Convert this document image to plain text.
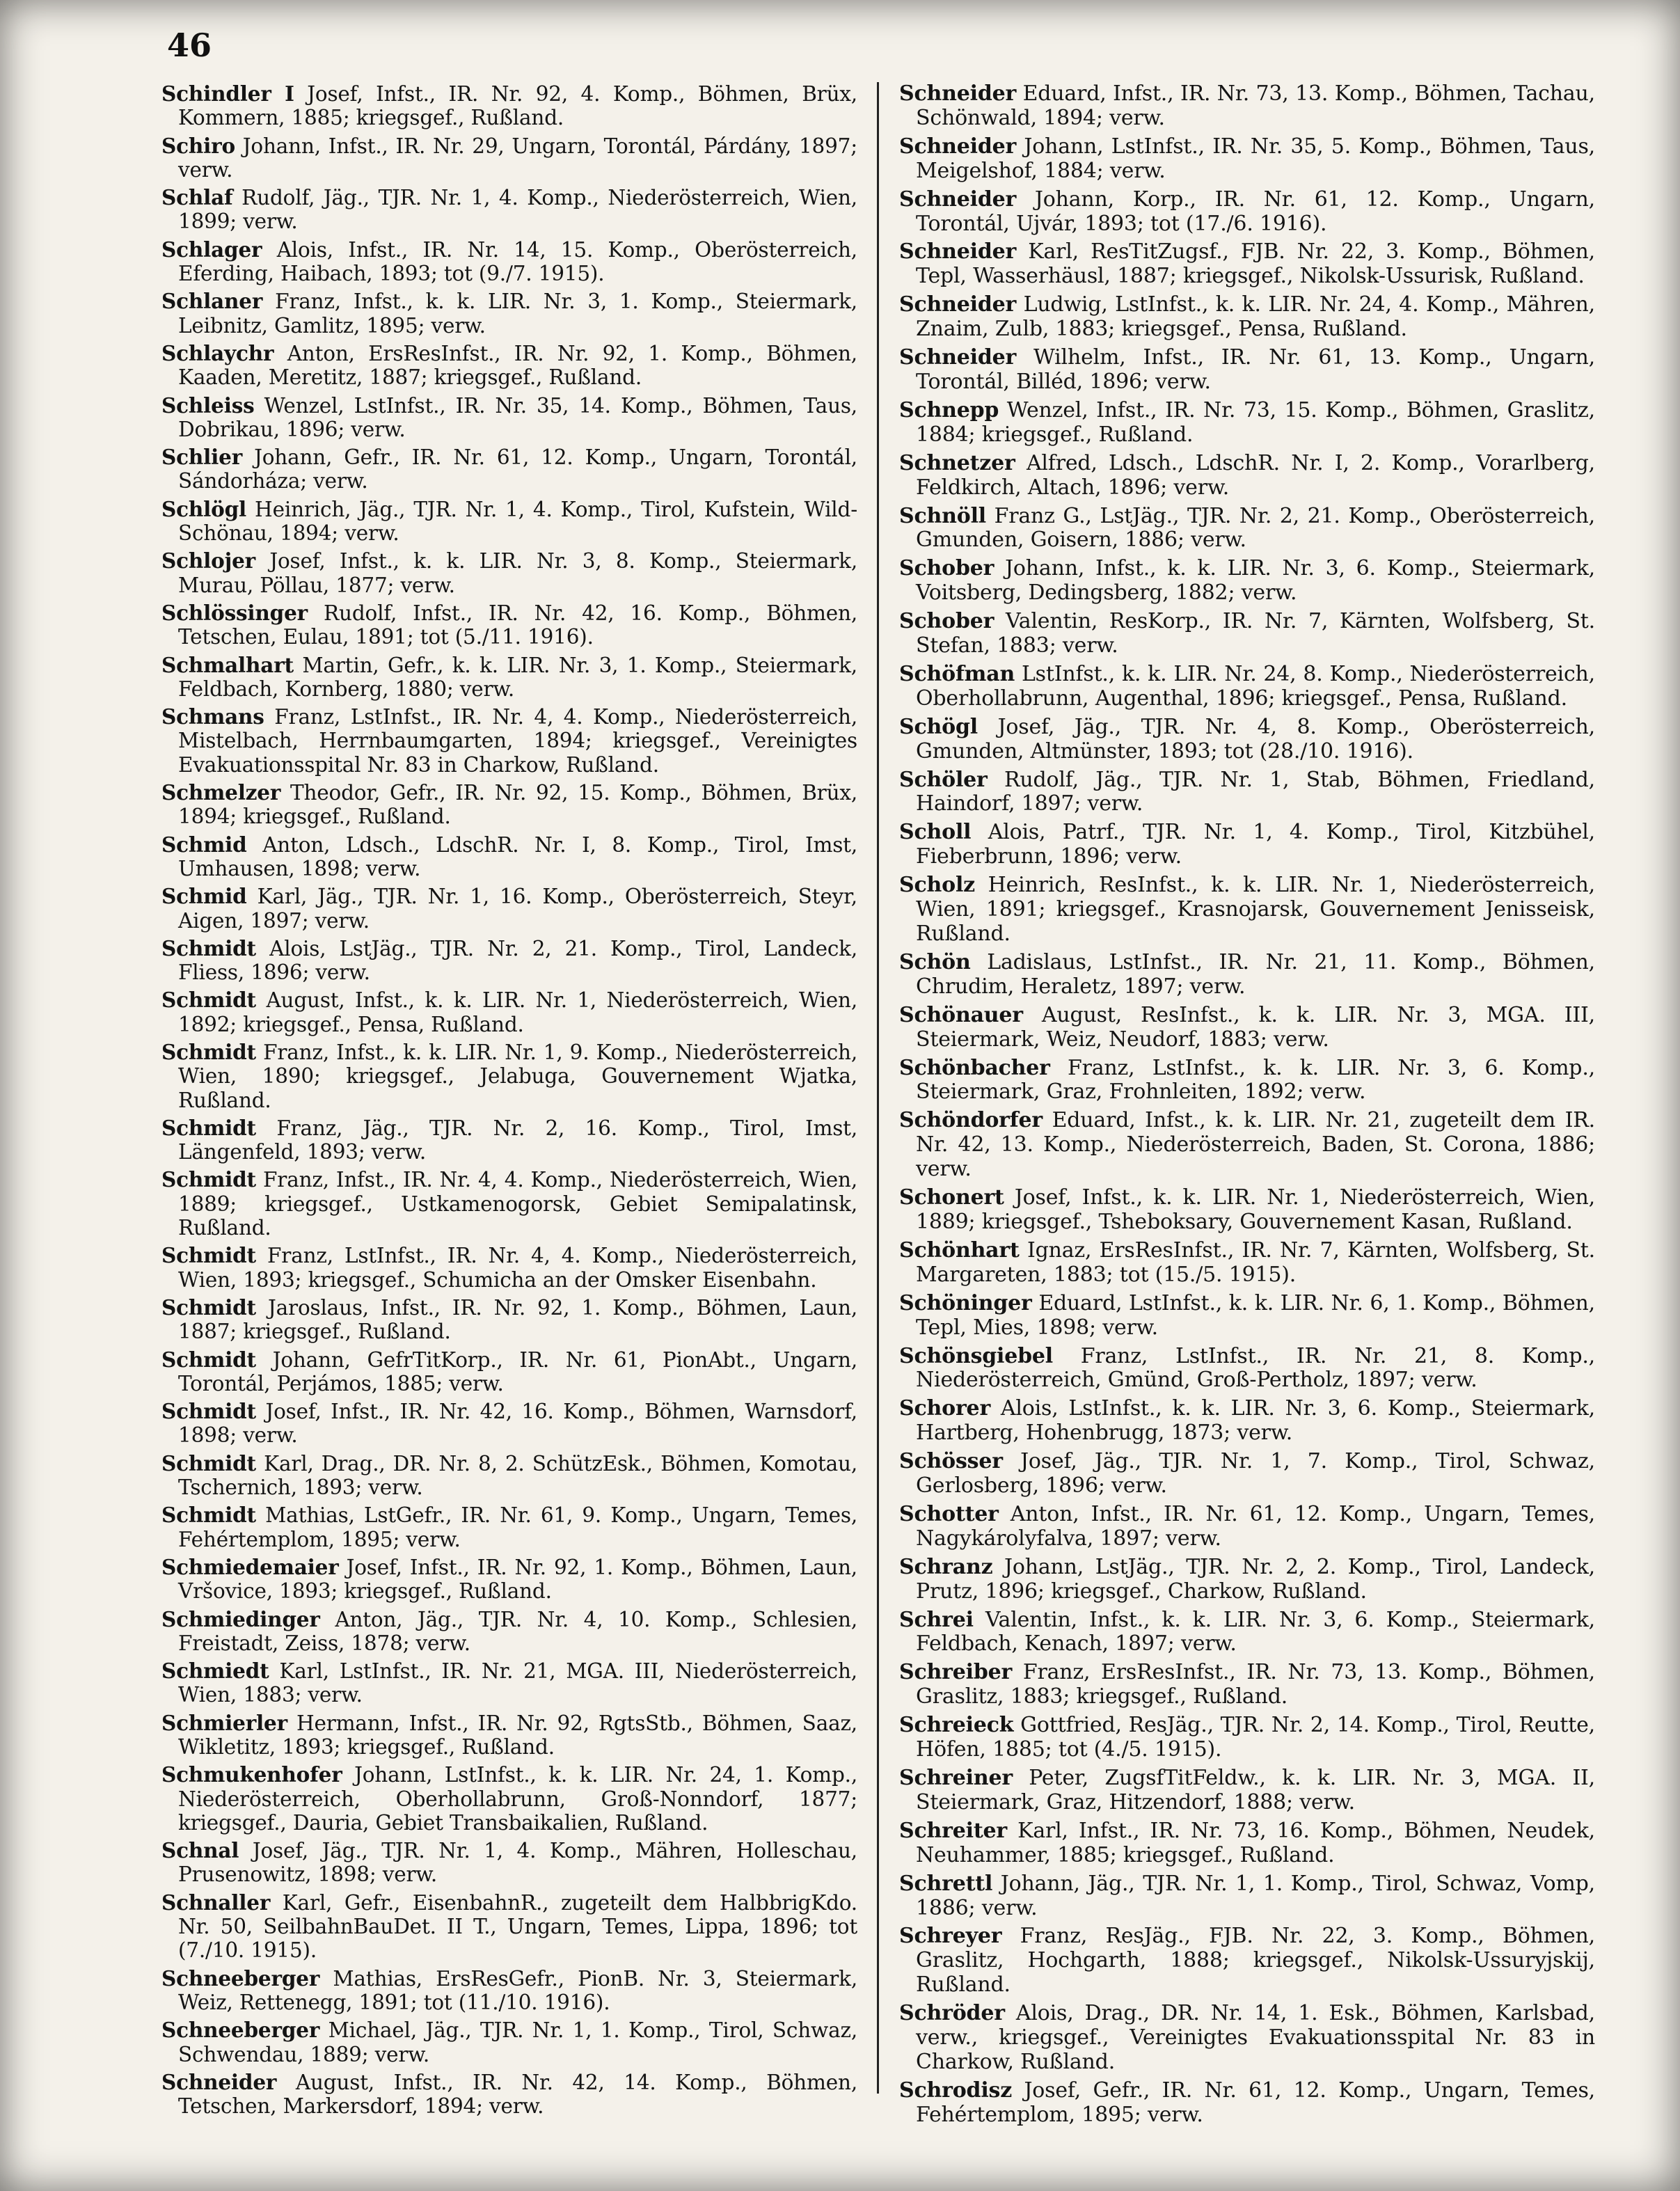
46

Schindler I Josef, Infst., IR. Nr. 92, 4. Komp., Böhmen, Brüx, Kommern, 1885; kriegsgef., Rußland.

Schiro Johann, Infst., IR. Nr. 29, Ungarn, Torontál, Párdány, 1897; verw.

Schlaf Rudolf, Jäg., TJR. Nr. 1, 4. Komp., Niederösterreich, Wien, 1899; verw.

Schlager Alois, Infst., IR. Nr. 14, 15. Komp., Oberösterreich, Eferding, Haibach, 1893; tot (9./7. 1915).

Schlaner Franz, Infst., k. k. LIR. Nr. 3, 1. Komp., Steiermark, Leibnitz, Gamlitz, 1895; verw.

Schlaychr Anton, ErsResInfst., IR. Nr. 92, 1. Komp., Böhmen, Kaaden, Meretitz, 1887; kriegsgef., Rußland.

Schleiss Wenzel, LstInfst., IR. Nr. 35, 14. Komp., Böhmen, Taus, Dobrikau, 1896; verw.

Schlier Johann, Gefr., IR. Nr. 61, 12. Komp., Ungarn, Torontál, Sándorháza; verw.

Schlögl Heinrich, Jäg., TJR. Nr. 1, 4. Komp., Tirol, Kufstein, Wild-Schönau, 1894; verw.

Schlojer Josef, Infst., k. k. LIR. Nr. 3, 8. Komp., Steiermark, Murau, Pöllau, 1877; verw.

Schlössinger Rudolf, Infst., IR. Nr. 42, 16. Komp., Böhmen, Tetschen, Eulau, 1891; tot (5./11. 1916).

Schmalhart Martin, Gefr., k. k. LIR. Nr. 3, 1. Komp., Steiermark, Feldbach, Kornberg, 1880; verw.

Schmans Franz, LstInfst., IR. Nr. 4, 4. Komp., Niederösterreich, Mistelbach, Herrnbaumgarten, 1894; kriegsgef., Vereinigtes Evakuationsspital Nr. 83 in Charkow, Rußland.

Schmelzer Theodor, Gefr., IR. Nr. 92, 15. Komp., Böhmen, Brüx, 1894; kriegsgef., Rußland.

Schmid Anton, Ldsch., LdschR. Nr. I, 8. Komp., Tirol, Imst, Umhausen, 1898; verw.

Schmid Karl, Jäg., TJR. Nr. 1, 16. Komp., Oberösterreich, Steyr, Aigen, 1897; verw.

Schmidt Alois, LstJäg., TJR. Nr. 2, 21. Komp., Tirol, Landeck, Fliess, 1896; verw.

Schmidt August, Infst., k. k. LIR. Nr. 1, Niederösterreich, Wien, 1892; kriegsgef., Pensa, Rußland.

Schmidt Franz, Infst., k. k. LIR. Nr. 1, 9. Komp., Niederösterreich, Wien, 1890; kriegsgef., Jelabuga, Gouvernement Wjatka, Rußland.

Schmidt Franz, Jäg., TJR. Nr. 2, 16. Komp., Tirol, Imst, Längenfeld, 1893; verw.

Schmidt Franz, Infst., IR. Nr. 4, 4. Komp., Niederösterreich, Wien, 1889; kriegsgef., Ustkamenogorsk, Gebiet Semipalatinsk, Rußland.

Schmidt Franz, LstInfst., IR. Nr. 4, 4. Komp., Niederösterreich, Wien, 1893; kriegsgef., Schumicha an der Omsker Eisenbahn.

Schmidt Jaroslaus, Infst., IR. Nr. 92, 1. Komp., Böhmen, Laun, 1887; kriegsgef., Rußland.

Schmidt Johann, GefrTitKorp., IR. Nr. 61, PionAbt., Ungarn, Torontál, Perjámos, 1885; verw.

Schmidt Josef, Infst., IR. Nr. 42, 16. Komp., Böhmen, Warnsdorf, 1898; verw.

Schmidt Karl, Drag., DR. Nr. 8, 2. SchützEsk., Böhmen, Komotau, Tschernich, 1893; verw.

Schmidt Mathias, LstGefr., IR. Nr. 61, 9. Komp., Ungarn, Temes, Fehértemplom, 1895; verw.

Schmiedemaier Josef, Infst., IR. Nr. 92, 1. Komp., Böhmen, Laun, Vršovice, 1893; kriegsgef., Rußland.

Schmiedinger Anton, Jäg., TJR. Nr. 4, 10. Komp., Schlesien, Freistadt, Zeiss, 1878; verw.

Schmiedt Karl, LstInfst., IR. Nr. 21, MGA. III, Niederösterreich, Wien, 1883; verw.

Schmierler Hermann, Infst., IR. Nr. 92, RgtsStb., Böhmen, Saaz, Wikletitz, 1893; kriegsgef., Rußland.

Schmukenhofer Johann, LstInfst., k. k. LIR. Nr. 24, 1. Komp., Niederösterreich, Oberhollabrunn, Groß-Nonndorf, 1877; kriegsgef., Dauria, Gebiet Transbaikalien, Rußland.

Schnal Josef, Jäg., TJR. Nr. 1, 4. Komp., Mähren, Holleschau, Prusenowitz, 1898; verw.

Schnaller Karl, Gefr., EisenbahnR., zugeteilt dem HalbbrigKdo. Nr. 50, SeilbahnBauDet. II T., Ungarn, Temes, Lippa, 1896; tot (7./10. 1915).

Schneeberger Mathias, ErsResGefr., PionB. Nr. 3, Steiermark, Weiz, Rettenegg, 1891; tot (11./10. 1916).

Schneeberger Michael, Jäg., TJR. Nr. 1, 1. Komp., Tirol, Schwaz, Schwendau, 1889; verw.

Schneider August, Infst., IR. Nr. 42, 14. Komp., Böhmen, Tetschen, Markersdorf, 1894; verw.

Schneider Eduard, Infst., IR. Nr. 73, 13. Komp., Böhmen, Tachau, Schönwald, 1894; verw.

Schneider Johann, LstInfst., IR. Nr. 35, 5. Komp., Böhmen, Taus, Meigelshof, 1884; verw.

Schneider Johann, Korp., IR. Nr. 61, 12. Komp., Ungarn, Torontál, Ujvár, 1893; tot (17./6. 1916).

Schneider Karl, ResTitZugsf., FJB. Nr. 22, 3. Komp., Böhmen, Tepl, Wasserhäusl, 1887; kriegsgef., Nikolsk-Ussurisk, Rußland.

Schneider Ludwig, LstInfst., k. k. LIR. Nr. 24, 4. Komp., Mähren, Znaim, Zulb, 1883; kriegsgef., Pensa, Rußland.

Schneider Wilhelm, Infst., IR. Nr. 61, 13. Komp., Ungarn, Torontál, Billéd, 1896; verw.

Schnepp Wenzel, Infst., IR. Nr. 73, 15. Komp., Böhmen, Graslitz, 1884; kriegsgef., Rußland.

Schnetzer Alfred, Ldsch., LdschR. Nr. I, 2. Komp., Vorarlberg, Feldkirch, Altach, 1896; verw.

Schnöll Franz G., LstJäg., TJR. Nr. 2, 21. Komp., Oberösterreich, Gmunden, Goisern, 1886; verw.

Schober Johann, Infst., k. k. LIR. Nr. 3, 6. Komp., Steiermark, Voitsberg, Dedingsberg, 1882; verw.

Schober Valentin, ResKorp., IR. Nr. 7, Kärnten, Wolfsberg, St. Stefan, 1883; verw.

Schöfman LstInfst., k. k. LIR. Nr. 24, 8. Komp., Niederösterreich, Oberhollabrunn, Augenthal, 1896; kriegsgef., Pensa, Rußland.

Schögl Josef, Jäg., TJR. Nr. 4, 8. Komp., Oberösterreich, Gmunden, Altmünster, 1893; tot (28./10. 1916).

Schöler Rudolf, Jäg., TJR. Nr. 1, Stab, Böhmen, Friedland, Haindorf, 1897; verw.

Scholl Alois, Patrf., TJR. Nr. 1, 4. Komp., Tirol, Kitzbühel, Fieberbrunn, 1896; verw.

Scholz Heinrich, ResInfst., k. k. LIR. Nr. 1, Niederösterreich, Wien, 1891; kriegsgef., Krasnojarsk, Gouvernement Jenisseisk, Rußland.

Schön Ladislaus, LstInfst., IR. Nr. 21, 11. Komp., Böhmen, Chrudim, Heraletz, 1897; verw.

Schönauer August, ResInfst., k. k. LIR. Nr. 3, MGA. III, Steiermark, Weiz, Neudorf, 1883; verw.

Schönbacher Franz, LstInfst., k. k. LIR. Nr. 3, 6. Komp., Steiermark, Graz, Frohnleiten, 1892; verw.

Schöndorfer Eduard, Infst., k. k. LIR. Nr. 21, zugeteilt dem IR. Nr. 42, 13. Komp., Niederösterreich, Baden, St. Corona, 1886; verw.

Schonert Josef, Infst., k. k. LIR. Nr. 1, Niederösterreich, Wien, 1889; kriegsgef., Tsheboksary, Gouvernement Kasan, Rußland.

Schönhart Ignaz, ErsResInfst., IR. Nr. 7, Kärnten, Wolfsberg, St. Margareten, 1883; tot (15./5. 1915).

Schöninger Eduard, LstInfst., k. k. LIR. Nr. 6, 1. Komp., Böhmen, Tepl, Mies, 1898; verw.

Schönsgiebel Franz, LstInfst., IR. Nr. 21, 8. Komp., Niederösterreich, Gmünd, Groß-Pertholz, 1897; verw.

Schorer Alois, LstInfst., k. k. LIR. Nr. 3, 6. Komp., Steiermark, Hartberg, Hohenbrugg, 1873; verw.

Schösser Josef, Jäg., TJR. Nr. 1, 7. Komp., Tirol, Schwaz, Gerlosberg, 1896; verw.

Schotter Anton, Infst., IR. Nr. 61, 12. Komp., Ungarn, Temes, Nagykárolyfalva, 1897; verw.

Schranz Johann, LstJäg., TJR. Nr. 2, 2. Komp., Tirol, Landeck, Prutz, 1896; kriegsgef., Charkow, Rußland.

Schrei Valentin, Infst., k. k. LIR. Nr. 3, 6. Komp., Steiermark, Feldbach, Kenach, 1897; verw.

Schreiber Franz, ErsResInfst., IR. Nr. 73, 13. Komp., Böhmen, Graslitz, 1883; kriegsgef., Rußland.

Schreieck Gottfried, ResJäg., TJR. Nr. 2, 14. Komp., Tirol, Reutte, Höfen, 1885; tot (4./5. 1915).

Schreiner Peter, ZugsfTitFeldw., k. k. LIR. Nr. 3, MGA. II, Steiermark, Graz, Hitzendorf, 1888; verw.

Schreiter Karl, Infst., IR. Nr. 73, 16. Komp., Böhmen, Neudek, Neuhammer, 1885; kriegsgef., Rußland.

Schrettl Johann, Jäg., TJR. Nr. 1, 1. Komp., Tirol, Schwaz, Vomp, 1886; verw.

Schreyer Franz, ResJäg., FJB. Nr. 22, 3. Komp., Böhmen, Graslitz, Hochgarth, 1888; kriegsgef., Nikolsk-Ussuryjskij, Rußland.

Schröder Alois, Drag., DR. Nr. 14, 1. Esk., Böhmen, Karlsbad, verw., kriegsgef., Vereinigtes Evakuationsspital Nr. 83 in Charkow, Rußland.

Schrodisz Josef, Gefr., IR. Nr. 61, 12. Komp., Ungarn, Temes, Fehértemplom, 1895; verw.
